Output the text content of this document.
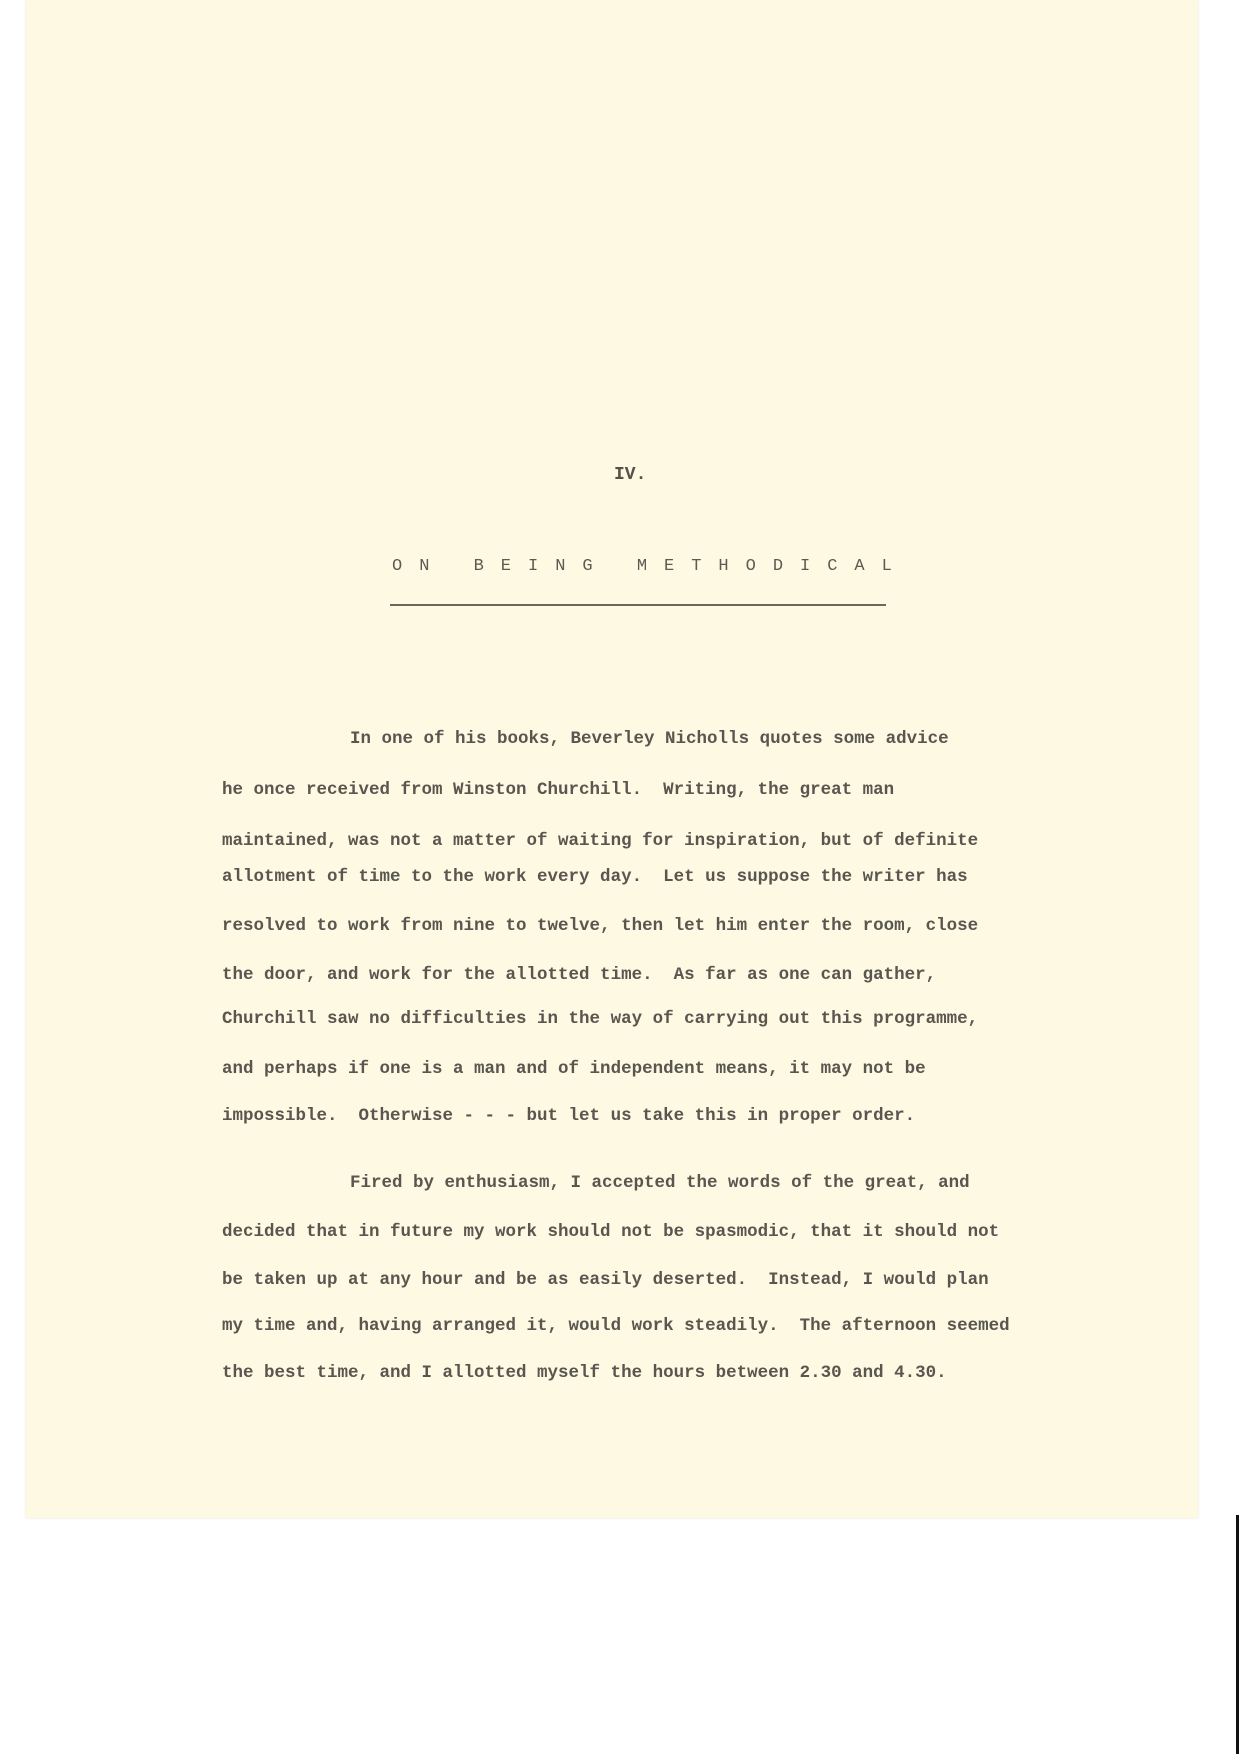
IV.
ON BEING METHODICAL

In one of his books, Beverley Nicholls quotes some advice

he once received from Winston Churchill.  Writing, the great man

maintained, was not a matter of waiting for inspiration, but of definite

allotment of time to the work every day.  Let us suppose the writer has

resolved to work from nine to twelve, then let him enter the room, close

the door, and work for the allotted time.  As far as one can gather,

Churchill saw no difficulties in the way of carrying out this programme,

and perhaps if one is a man and of independent means, it may not be

impossible.  Otherwise - - - but let us take this in proper order.

Fired by enthusiasm, I accepted the words of the great, and

decided that in future my work should not be spasmodic, that it should not

be taken up at any hour and be as easily deserted.  Instead, I would plan

my time and, having arranged it, would work steadily.  The afternoon seemed

the best time, and I allotted myself the hours between 2.30 and 4.30.
